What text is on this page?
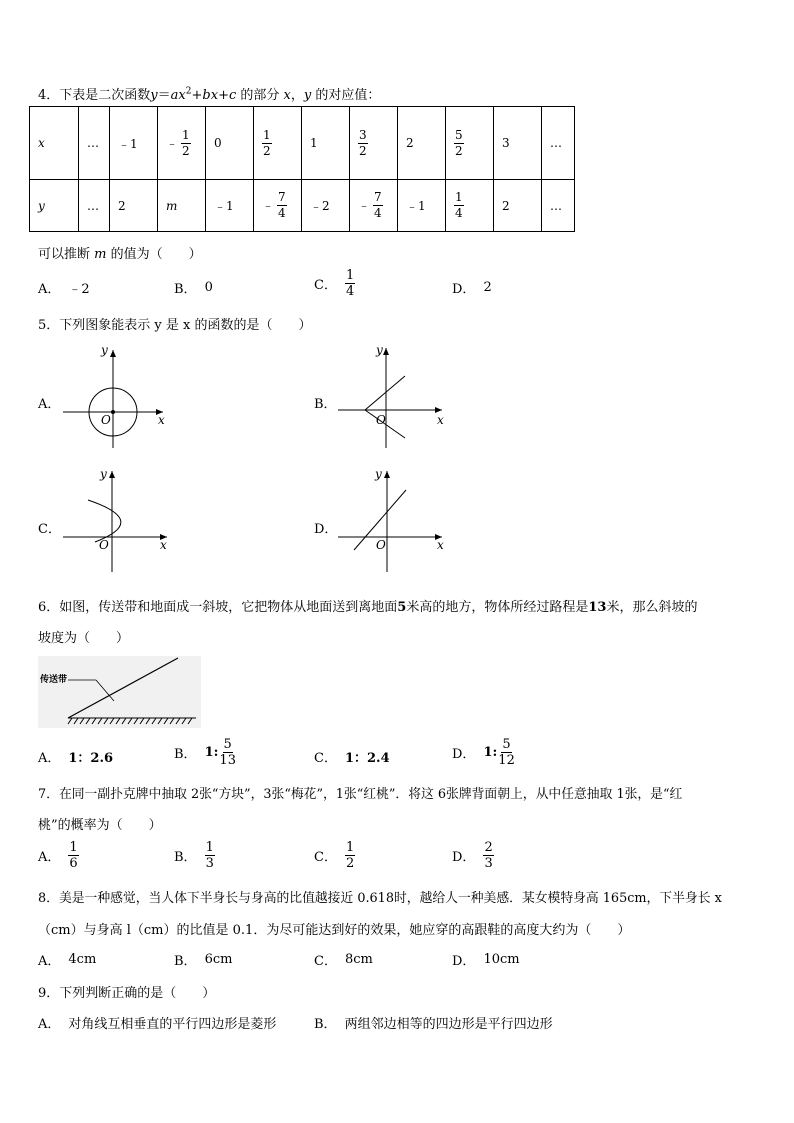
4．下表是二次函数$y=ax^2+bx+c$ 的部分 x，y 的对应值：
x	…	﹣1	﹣ $\frac{1}{2}$	0	$\frac{1}{2}$	1	$\frac{3}{2}$	2	$\frac{5}{2}$	3	…
y	…	2	m	﹣1	﹣ $\frac{7}{4}$	﹣2	﹣ $\frac{7}{4}$	﹣1	$\frac{1}{4}$	2	…
可以推断 m 的值为（　　）
A． ﹣2	B． 0	C． $\frac{1}{4}$	D． 2
5．下列图象能表示 y 是 x 的函数的是（　　）
A．
x
y
O
B．
x
y
O
C．
x
y
O
D．
x
y
O
6．如图，传送带和地面成一斜坡，它把物体从地面送到离地面5米高的地方，物体所经过路程是13米，那么斜坡的
坡度为（　　）
传送带
A． 1：2.6	B． 1: $\frac{5}{13}$	C． 1：2.4	D． 1: $\frac{5}{12}$
7．在同一副扑克牌中抽取 2张“方块”，3张“梅花”，1张“红桃”．将这 6张牌背面朝上，从中任意抽取 1张，是“红
桃”的概率为（　　）
A． $\frac{1}{6}$	B． $\frac{1}{3}$	C． $\frac{1}{2}$	D． $\frac{2}{3}$
8．美是一种感觉，当人体下半身长与身高的比值越接近 0.618时，越给人一种美感．某女模特身高 165cm，下半身长 x
（cm）与身高 l（cm）的比值是 0.1．为尽可能达到好的效果，她应穿的高跟鞋的高度大约为（　　）
A． 4cm	B． 6cm	C． 8cm	D． 10cm
9．下列判断正确的是（　　）
A． 对角线互相垂直的平行四边形是菱形	B． 两组邻边相等的四边形是平行四边形
